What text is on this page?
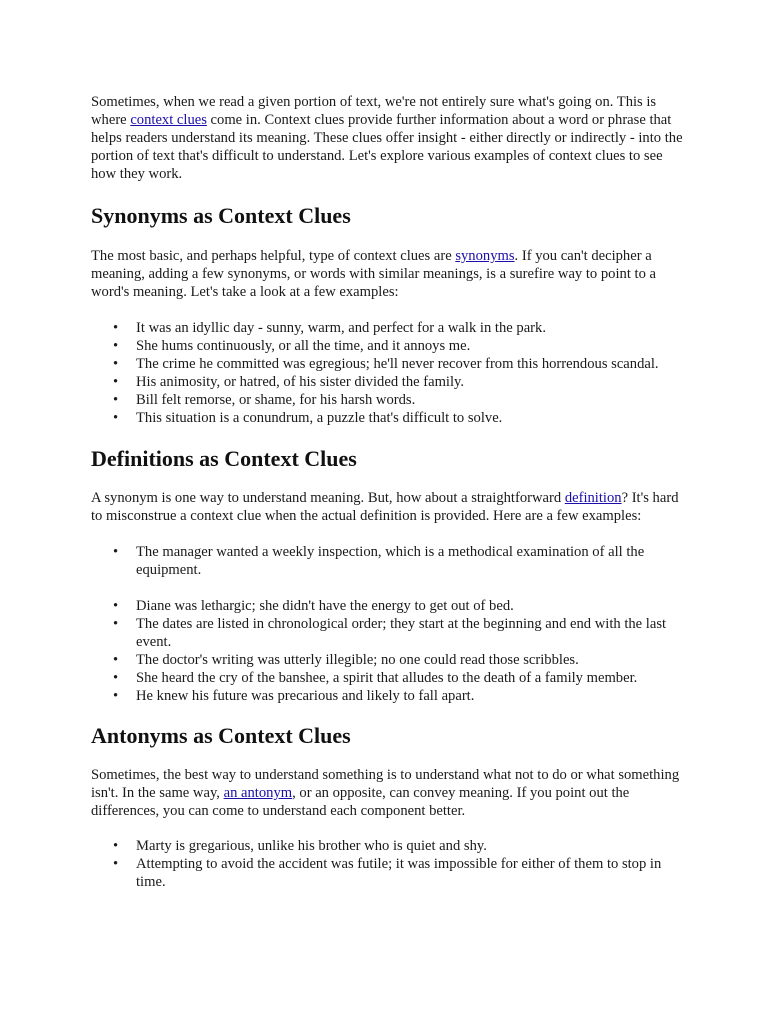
Sometimes, when we read a given portion of text, we're not entirely sure what's going on. This is where context clues come in. Context clues provide further information about a word or phrase that helps readers understand its meaning. These clues offer insight - either directly or indirectly - into the portion of text that's difficult to understand. Let's explore various examples of context clues to see how they work.

Synonyms as Context Clues

The most basic, and perhaps helpful, type of context clues are synonyms. If you can't decipher a meaning, adding a few synonyms, or words with similar meanings, is a surefire way to point to a word's meaning. Let's take a look at a few examples:

• It was an idyllic day - sunny, warm, and perfect for a walk in the park.
• She hums continuously, or all the time, and it annoys me.
• The crime he committed was egregious; he'll never recover from this horrendous scandal.
• His animosity, or hatred, of his sister divided the family.
• Bill felt remorse, or shame, for his harsh words.
• This situation is a conundrum, a puzzle that's difficult to solve.
Definitions as Context Clues

A synonym is one way to understand meaning. But, how about a straightforward definition? It's hard to misconstrue a context clue when the actual definition is provided. Here are a few examples:

• The manager wanted a weekly inspection, which is a methodical examination of all the equipment.
• Diane was lethargic; she didn't have the energy to get out of bed.
• The dates are listed in chronological order; they start at the beginning and end with the last event.
• The doctor's writing was utterly illegible; no one could read those scribbles.
• She heard the cry of the banshee, a spirit that alludes to the death of a family member.
• He knew his future was precarious and likely to fall apart.
Antonyms as Context Clues

Sometimes, the best way to understand something is to understand what not to do or what something isn't. In the same way, an antonym, or an opposite, can convey meaning. If you point out the differences, you can come to understand each component better.

• Marty is gregarious, unlike his brother who is quiet and shy.
• Attempting to avoid the accident was futile; it was impossible for either of them to stop in time.
